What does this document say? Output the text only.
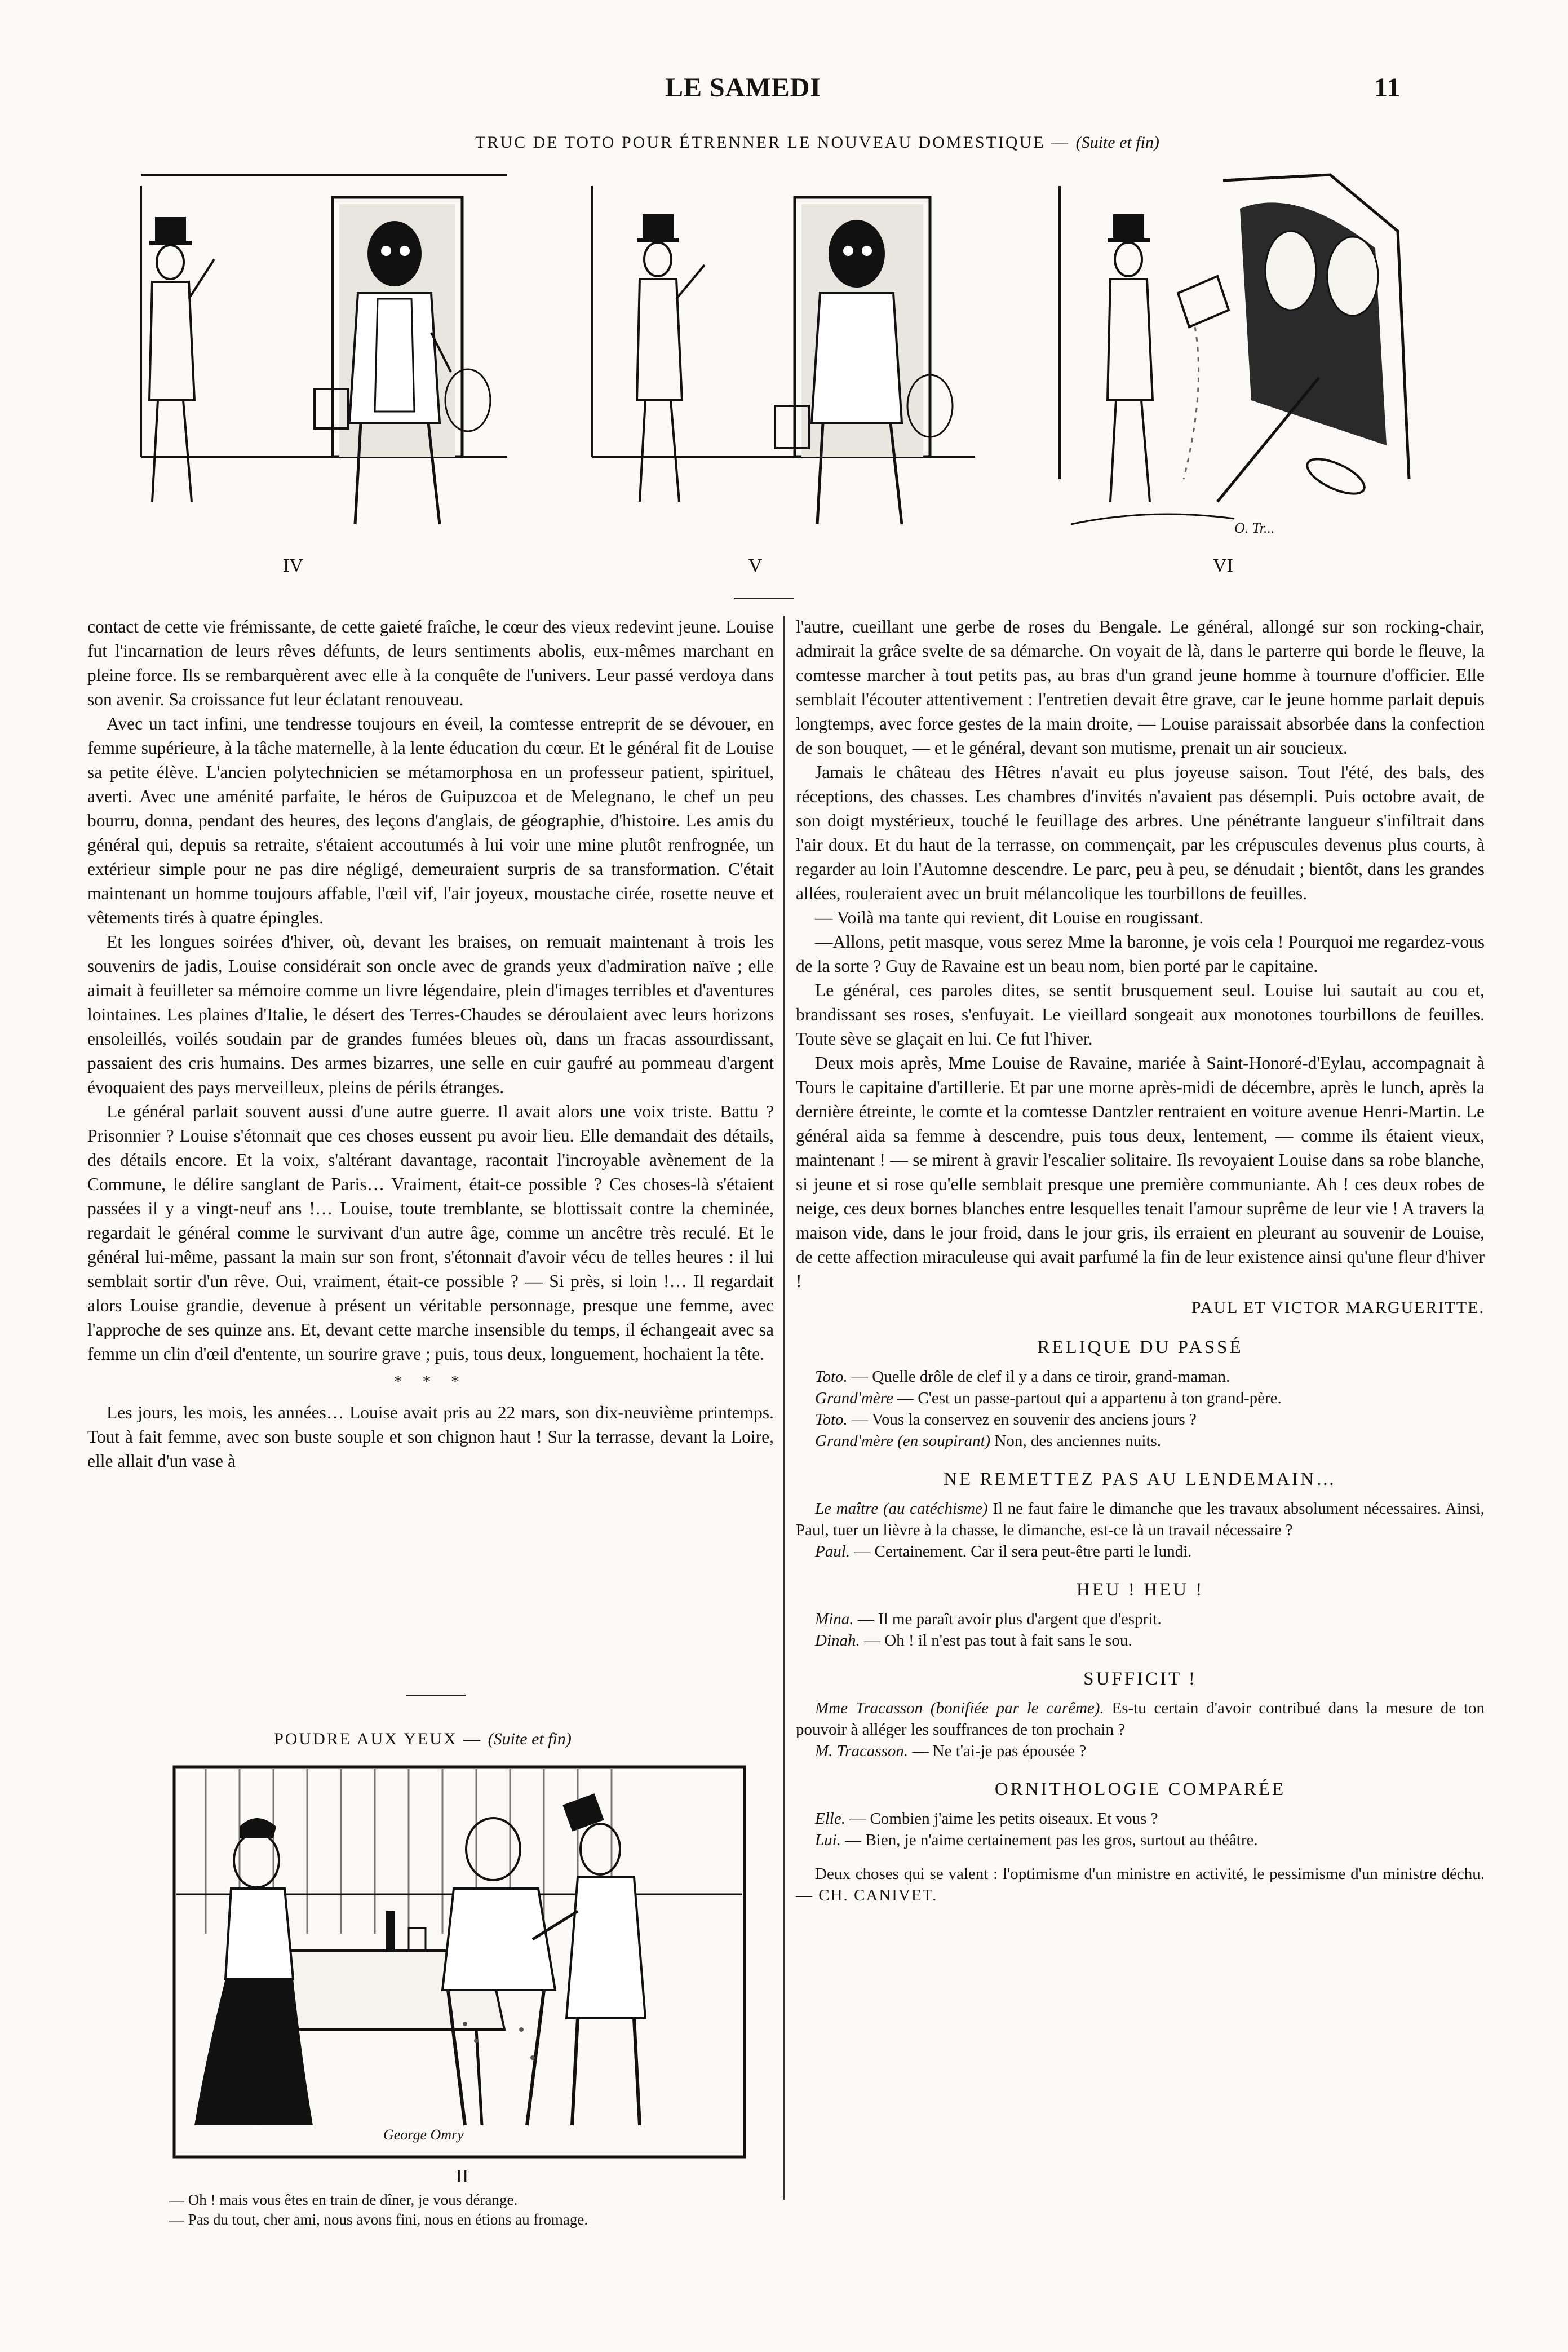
LE SAMEDI	11
TRUC DE TOTO POUR ÉTRENNER LE NOUVEAU DOMESTIQUE — (Suite et fin)
O. Tr...
IV	V	VI

contact de cette vie frémissante, de cette gaieté fraîche, le cœur des vieux redevint jeune. Louise fut l'incarnation de leurs rêves défunts, de leurs sentiments abolis, eux-mêmes marchant en pleine force. Ils se rembarquèrent avec elle à la conquête de l'univers. Leur passé verdoya dans son avenir. Sa croissance fut leur éclatant renouveau.

Avec un tact infini, une tendresse toujours en éveil, la comtesse entreprit de se dévouer, en femme supérieure, à la tâche maternelle, à la lente éducation du cœur. Et le général fit de Louise sa petite élève. L'ancien polytechnicien se métamorphosa en un professeur patient, spirituel, averti. Avec une aménité parfaite, le héros de Guipuzcoa et de Melegnano, le chef un peu bourru, donna, pendant des heures, des leçons d'anglais, de géographie, d'histoire. Les amis du général qui, depuis sa retraite, s'étaient accoutumés à lui voir une mine plutôt renfrognée, un extérieur simple pour ne pas dire négligé, demeuraient surpris de sa transformation. C'était maintenant un homme toujours affable, l'œil vif, l'air joyeux, moustache cirée, rosette neuve et vêtements tirés à quatre épingles.

Et les longues soirées d'hiver, où, devant les braises, on remuait maintenant à trois les souvenirs de jadis, Louise considérait son oncle avec de grands yeux d'admiration naïve ; elle aimait à feuilleter sa mémoire comme un livre légendaire, plein d'images terribles et d'aventures lointaines. Les plaines d'Italie, le désert des Terres-Chaudes se déroulaient avec leurs horizons ensoleillés, voilés soudain par de grandes fumées bleues où, dans un fracas assourdissant, passaient des cris humains. Des armes bizarres, une selle en cuir gaufré au pommeau d'argent évoquaient des pays merveilleux, pleins de périls étranges.

Le général parlait souvent aussi d'une autre guerre. Il avait alors une voix triste. Battu ? Prisonnier ? Louise s'étonnait que ces choses eussent pu avoir lieu. Elle demandait des détails, des détails encore. Et la voix, s'altérant davantage, racontait l'incroyable avènement de la Commune, le délire sanglant de Paris… Vraiment, était-ce possible ? Ces choses-là s'étaient passées il y a vingt-neuf ans !… Louise, toute tremblante, se blottissait contre la cheminée, regardait le général comme le survivant d'un autre âge, comme un ancêtre très reculé. Et le général lui-même, passant la main sur son front, s'étonnait d'avoir vécu de telles heures : il lui semblait sortir d'un rêve. Oui, vraiment, était-ce possible ? — Si près, si loin !… Il regardait alors Louise grandie, devenue à présent un véritable personnage, presque une femme, avec l'approche de ses quinze ans. Et, devant cette marche insensible du temps, il échangeait avec sa femme un clin d'œil d'entente, un sourire grave ; puis, tous deux, longuement, hochaient la tête.

* * *

Les jours, les mois, les années… Louise avait pris au 22 mars, son dix-neuvième printemps. Tout à fait femme, avec son buste souple et son chignon haut ! Sur la terrasse, devant la Loire, elle allait d'un vase à

l'autre, cueillant une gerbe de roses du Bengale. Le général, allongé sur son rocking-chair, admirait la grâce svelte de sa démarche. On voyait de là, dans le parterre qui borde le fleuve, la comtesse marcher à tout petits pas, au bras d'un grand jeune homme à tournure d'officier. Elle semblait l'écouter attentivement : l'entretien devait être grave, car le jeune homme parlait depuis longtemps, avec force gestes de la main droite, — Louise paraissait absorbée dans la confection de son bouquet, — et le général, devant son mutisme, prenait un air soucieux.

Jamais le château des Hêtres n'avait eu plus joyeuse saison. Tout l'été, des bals, des réceptions, des chasses. Les chambres d'invités n'avaient pas désempli. Puis octobre avait, de son doigt mystérieux, touché le feuillage des arbres. Une pénétrante langueur s'infiltrait dans l'air doux. Et du haut de la terrasse, on commençait, par les crépuscules devenus plus courts, à regarder au loin l'Automne descendre. Le parc, peu à peu, se dénudait ; bientôt, dans les grandes allées, rouleraient avec un bruit mélancolique les tourbillons de feuilles.

— Voilà ma tante qui revient, dit Louise en rougissant.

—Allons, petit masque, vous serez Mme la baronne, je vois cela ! Pourquoi me regardez-vous de la sorte ? Guy de Ravaine est un beau nom, bien porté par le capitaine.

Le général, ces paroles dites, se sentit brusquement seul. Louise lui sautait au cou et, brandissant ses roses, s'enfuyait. Le vieillard songeait aux monotones tourbillons de feuilles. Toute sève se glaçait en lui. Ce fut l'hiver.

Deux mois après, Mme Louise de Ravaine, mariée à Saint-Honoré-d'Eylau, accompagnait à Tours le capitaine d'artillerie. Et par une morne après-midi de décembre, après le lunch, après la dernière étreinte, le comte et la comtesse Dantzler rentraient en voiture avenue Henri-Martin. Le général aida sa femme à descendre, puis tous deux, lentement, — comme ils étaient vieux, maintenant ! — se mirent à gravir l'escalier solitaire. Ils revoyaient Louise dans sa robe blanche, si jeune et si rose qu'elle semblait presque une première communiante. Ah ! ces deux robes de neige, ces deux bornes blanches entre lesquelles tenait l'amour suprême de leur vie ! A travers la maison vide, dans le jour froid, dans le jour gris, ils erraient en pleurant au souvenir de Louise, de cette affection miraculeuse qui avait parfumé la fin de leur existence ainsi qu'une fleur d'hiver !

PAUL ET VICTOR MARGUERITTE.
RELIQUE DU PASSÉ

Toto. — Quelle drôle de clef il y a dans ce tiroir, grand-maman.

Grand'mère — C'est un passe-partout qui a appartenu à ton grand-père.

Toto. — Vous la conservez en souvenir des anciens jours ?

Grand'mère (en soupirant) Non, des anciennes nuits.

NE REMETTEZ PAS AU LENDEMAIN…

Le maître (au catéchisme) Il ne faut faire le dimanche que les travaux absolument nécessaires. Ainsi, Paul, tuer un lièvre à la chasse, le dimanche, est-ce là un travail nécessaire ?

Paul. — Certainement. Car il sera peut-être parti le lundi.

HEU ! HEU !

Mina. — Il me paraît avoir plus d'argent que d'esprit.

Dinah. — Oh ! il n'est pas tout à fait sans le sou.

SUFFICIT !

Mme Tracasson (bonifiée par le carême). Es-tu certain d'avoir contribué dans la mesure de ton pouvoir à alléger les souffrances de ton prochain ?

M. Tracasson. — Ne t'ai-je pas épousée ?

ORNITHOLOGIE COMPARÉE

Elle. — Combien j'aime les petits oiseaux. Et vous ?

Lui. — Bien, je n'aime certainement pas les gros, surtout au théâtre.

Deux choses qui se valent : l'optimisme d'un ministre en activité, le pessimisme d'un ministre déchu. — CH. CANIVET.

POUDRE AUX YEUX — (Suite et fin)
George Omry
II
— Oh ! mais vous êtes en train de dîner, je vous dérange.
— Pas du tout, cher ami, nous avons fini, nous en étions au fromage.
